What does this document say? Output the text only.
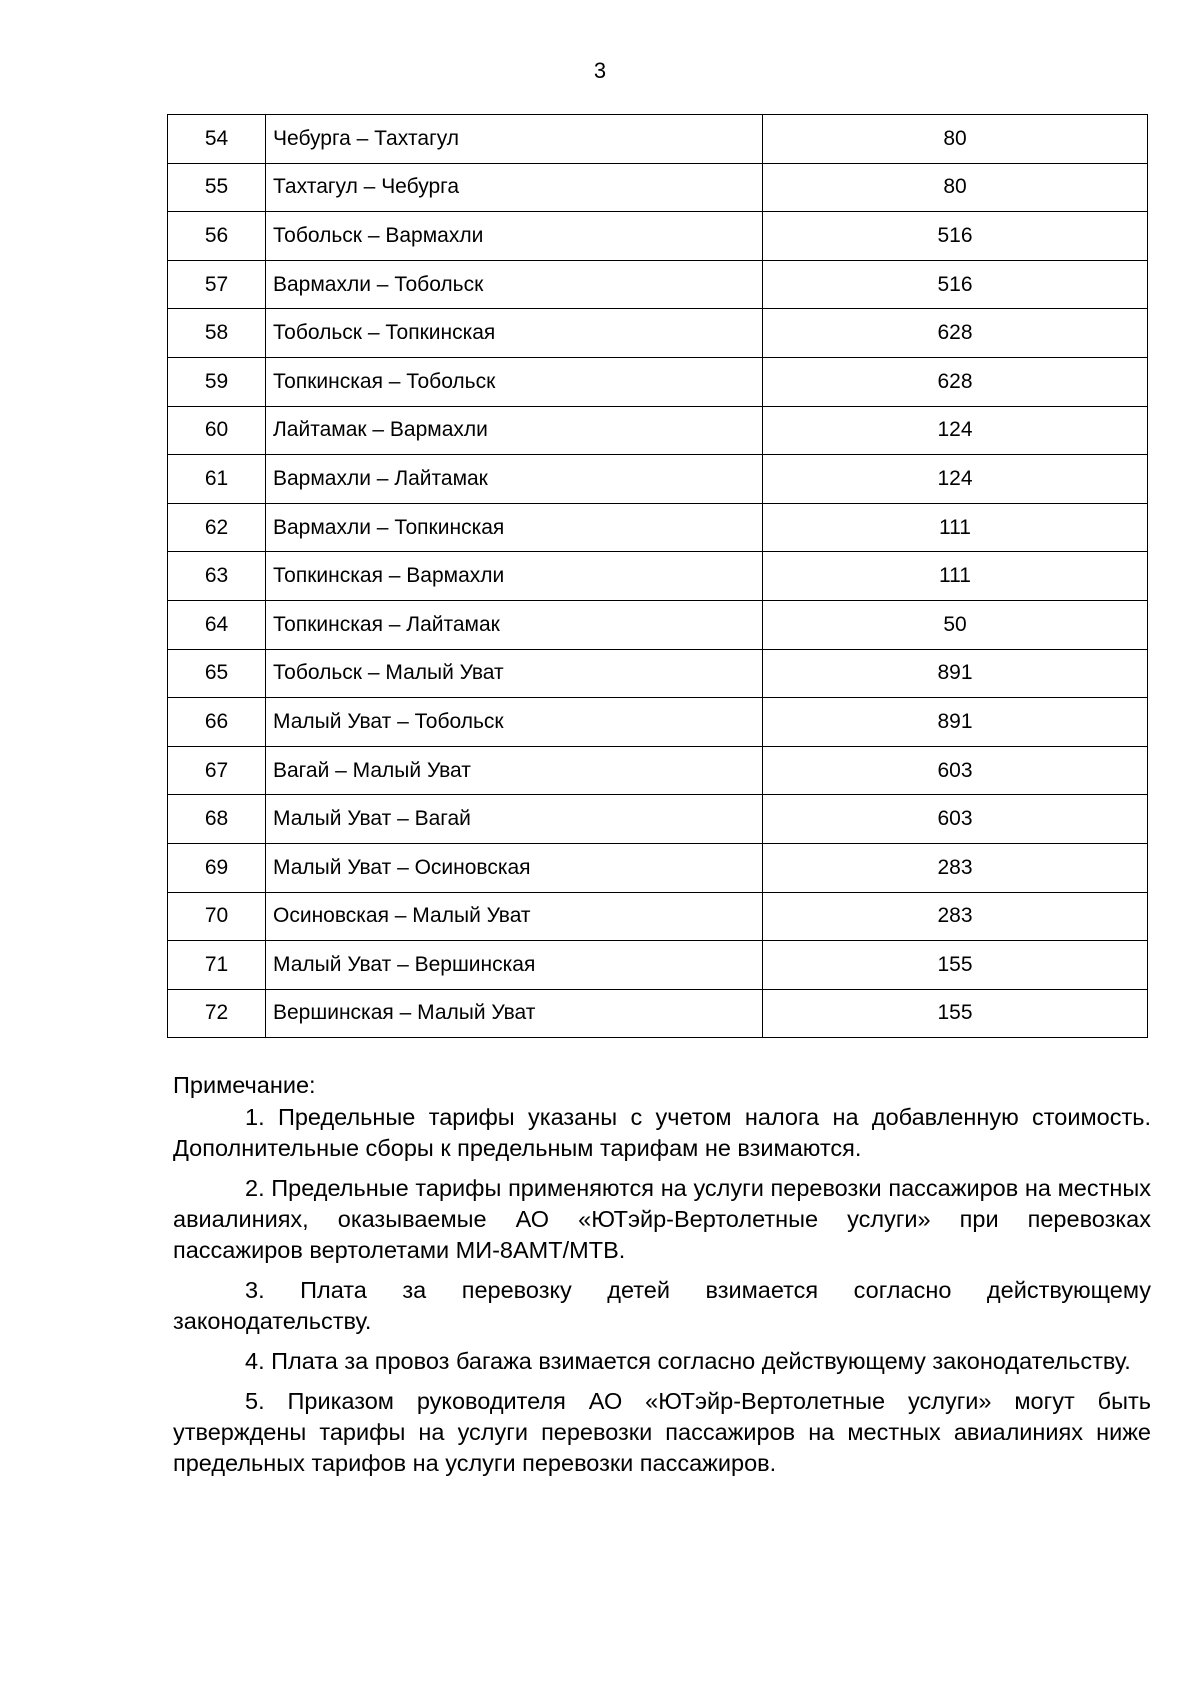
3
54	Чебурга – Тахтагул	80
55	Тахтагул – Чебурга	80
56	Тобольск – Вармахли	516
57	Вармахли – Тобольск	516
58	Тобольск – Топкинская	628
59	Топкинская – Тобольск	628
60	Лайтамак – Вармахли	124
61	Вармахли – Лайтамак	124
62	Вармахли – Топкинская	111
63	Топкинская – Вармахли	111
64	Топкинская – Лайтамак	50
65	Тобольск – Малый Уват	891
66	Малый Уват – Тобольск	891
67	Вагай – Малый Уват	603
68	Малый Уват – Вагай	603
69	Малый Уват – Осиновская	283
70	Осиновская – Малый Уват	283
71	Малый Уват – Вершинская	155
72	Вершинская – Малый Уват	155
Примечание:

1. Предельные тарифы указаны с учетом налога на добавленную стоимость. Дополнительные сборы к предельным тарифам не взимаются.

2. Предельные тарифы применяются на услуги перевозки пассажиров на местных авиалиниях, оказываемые АО «ЮТэйр-Вертолетные услуги» при перевозках пассажиров вертолетами МИ-8АМТ/МТВ.

3. Плата за перевозку детей взимается согласно действующему законодательству.

4. Плата за провоз багажа взимается согласно действующему законодательству.

5. Приказом руководителя АО «ЮТэйр-Вертолетные услуги» могут быть утверждены тарифы на услуги перевозки пассажиров на местных авиалиниях ниже предельных тарифов на услуги перевозки пассажиров.
